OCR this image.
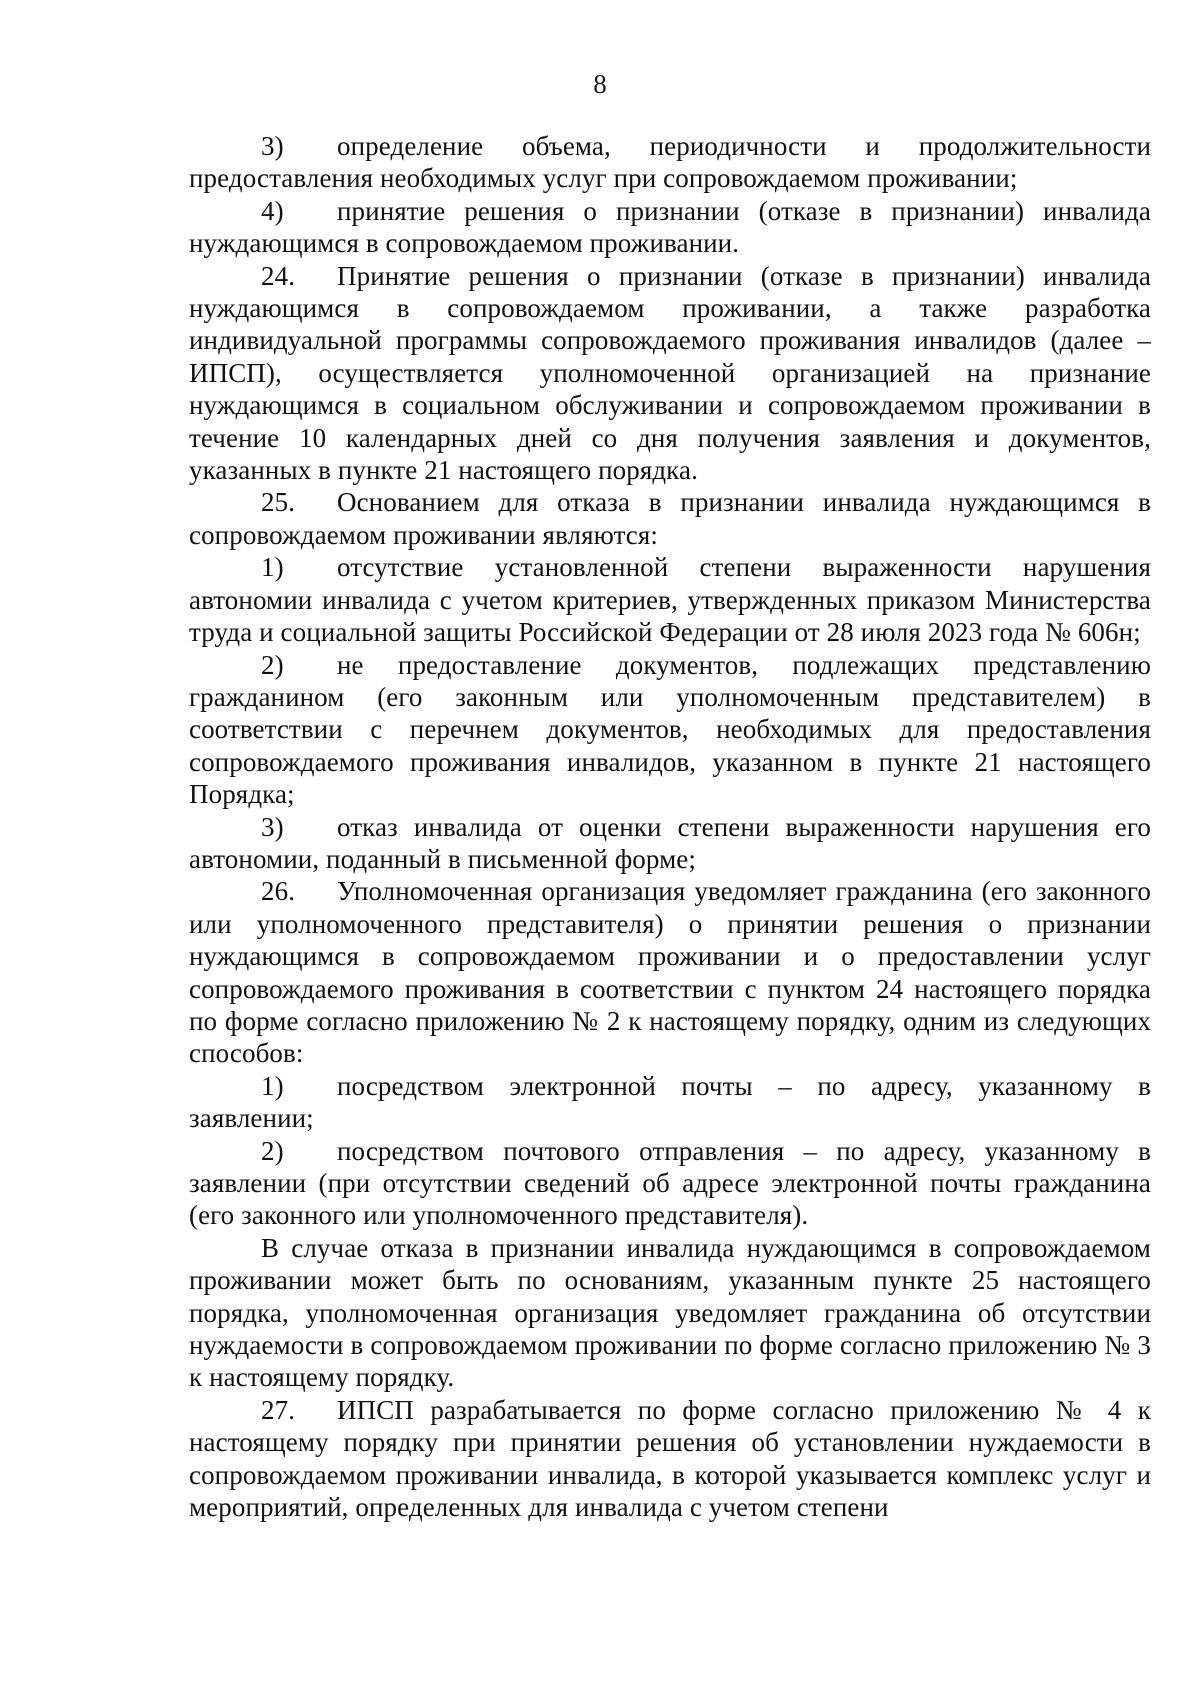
8

3) определение объема, периодичности и продолжительности предоставления необходимых услуг при сопровождаемом проживании;

4) принятие решения о признании (отказе в признании) инвалида нуждающимся в сопровождаемом проживании.

24. Принятие решения о признании (отказе в признании) инвалида нуждающимся в сопровождаемом проживании, а также разработка индивидуальной программы сопровождаемого проживания инвалидов (далее – ИПСП), осуществляется уполномоченной организацией на признание нуждающимся в социальном обслуживании и сопровождаемом проживании в течение 10 календарных дней со дня получения заявления и документов, указанных в пункте 21 настоящего порядка.

25. Основанием для отказа в признании инвалида нуждающимся в сопровождаемом проживании являются:

1) отсутствие установленной степени выраженности нарушения автономии инвалида с учетом критериев, утвержденных приказом Министерства труда и социальной защиты Российской Федерации от 28 июля 2023 года № 606н;

2) не предоставление документов, подлежащих представлению гражданином (его законным или уполномоченным представителем) в соответствии с перечнем документов, необходимых для предоставления сопровождаемого проживания инвалидов, указанном в пункте 21 настоящего Порядка;

3) отказ инвалида от оценки степени выраженности нарушения его автономии, поданный в письменной форме;

26. Уполномоченная организация уведомляет гражданина (его законного или уполномоченного представителя) о принятии решения о признании нуждающимся в сопровождаемом проживании и о предоставлении услуг сопровождаемого проживания в соответствии с пунктом 24 настоящего порядка по форме согласно приложению № 2 к настоящему порядку, одним из следующих способов:

1) посредством электронной почты – по адресу, указанному в заявлении;

2) посредством почтового отправления – по адресу, указанному в заявлении (при отсутствии сведений об адресе электронной почты гражданина (его законного или уполномоченного представителя).

В случае отказа в признании инвалида нуждающимся в сопровождаемом проживании может быть по основаниям, указанным пункте 25 настоящего порядка, уполномоченная организация уведомляет гражданина об отсутствии нуждаемости в сопровождаемом проживании по форме согласно приложению № 3 к настоящему порядку.

27. ИПСП разрабатывается по форме согласно приложению № 4 к настоящему порядку при принятии решения об установлении нуждаемости в сопровождаемом проживании инвалида, в которой указывается комплекс услуг и мероприятий, определенных для инвалида с учетом степени
